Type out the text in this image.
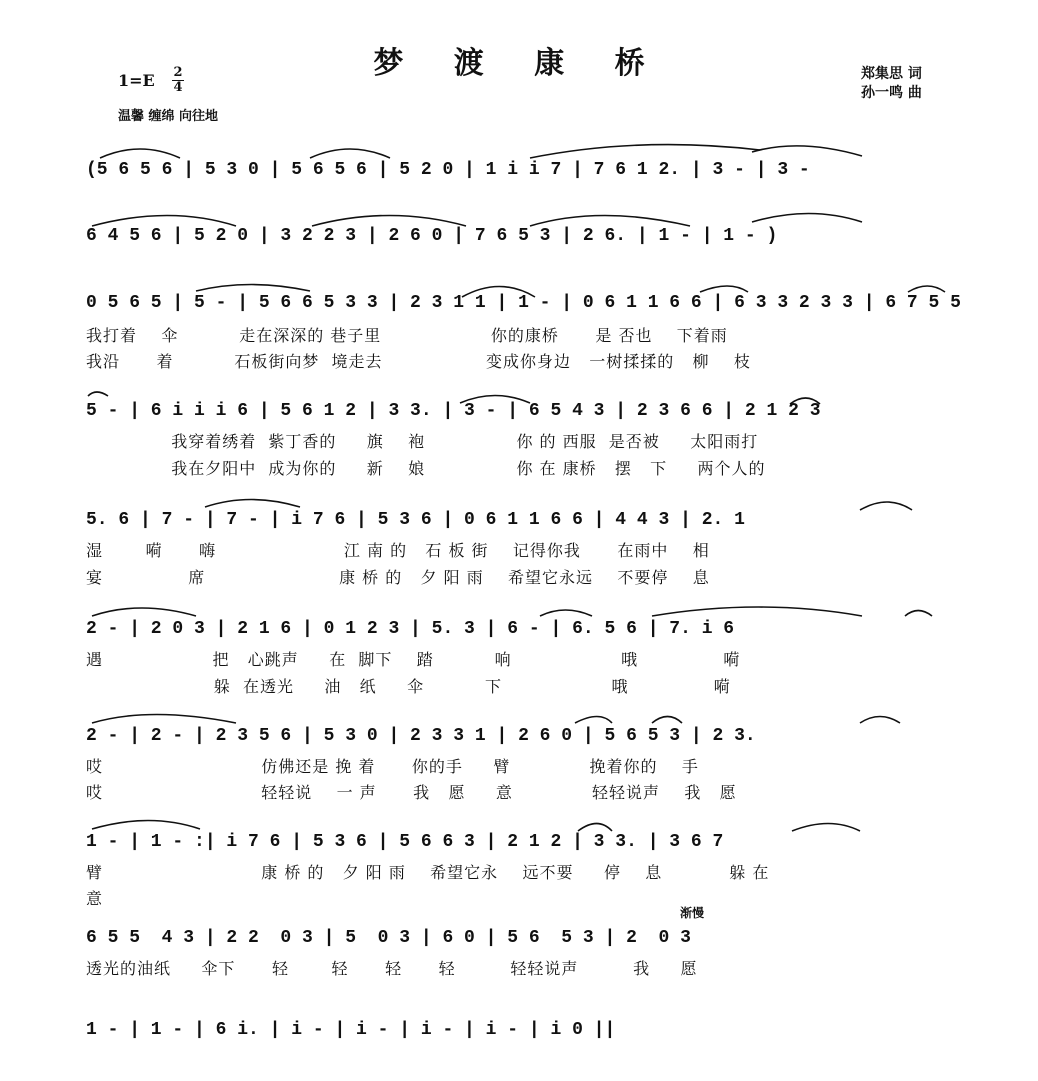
梦 渡 康 桥
1=E 2
4
温馨 缠绵 向往地
郑集思 词
孙一鸣 曲
渐慢
(5 6 5 6 | 5 3 0 | 5 6 5 6 | 5 2 0 | 1 i i 7 | 7 6 1 2. | 3 - | 3 -
6 4 5 6 | 5 2 0 | 3 2 2 3 | 2 6 0 | 7 6 5 3 | 2 6. | 1 - | 1 - )
0 5 6 5 | 5 - | 5 6 6 5 3 3 | 2 3 1 1 | 1 - | 0 6 1 1 6 6 | 6 3 3 2 3 3 | 6 7 5 5
我打着    伞          走在深深的 巷子里                  你的康桥      是 否也    下着雨
我沿      着          石板街向梦  境走去                 变成你身边   一树揉揉的   柳    枝
5 - | 6 i i i 6 | 5 6 1 2 | 3 3. | 3 - | 6 5 4 3 | 2 3 6 6 | 2 1 2 3
我穿着绣着  紫丁香的     旗    袍               你 的 西服  是否被     太阳雨打
我在夕阳中  成为你的     新    娘               你 在 康桥   摆   下     两个人的
5. 6 | 7 - | 7 - | i 7 6 | 5 3 6 | 0 6 1 1 6 6 | 4 4 3 | 2. 1
湿       嗬      嗨                     江 南 的   石 板 街    记得你我      在雨中    相
宴              席                      康 桥 的   夕 阳 雨    希望它永远    不要停    息
2 - | 2 0 3 | 2 1 6 | 0 1 2 3 | 5. 3 | 6 - | 6. 5 6 | 7. i 6
遇                  把   心跳声     在  脚下    踏          响                  哦              嗬
躲  在透光     油   纸     伞          下                  哦              嗬
2 - | 2 - | 2 3 5 6 | 5 3 0 | 2 3 3 1 | 2 6 0 | 5 6 5 3 | 2 3.
哎                          仿佛还是 挽 着      你的手     臂             挽着你的    手
哎                          轻轻说    一 声      我   愿     意             轻轻说声    我   愿
1 - | 1 - :| i 7 6 | 5 3 6 | 5 6 6 3 | 2 1 2 | 3 3. | 3 6 7
臂                          康 桥 的   夕 阳 雨    希望它永    远不要     停    息           躲 在
意
6 5 5  4 3 | 2 2  0 3 | 5  0 3 | 6 0 | 5 6  5 3 | 2  0 3
透光的油纸     伞下      轻       轻      轻      轻         轻轻说声         我     愿
1 - | 1 - | 6 i. | i - | i - | i - | i - | i 0 ||
